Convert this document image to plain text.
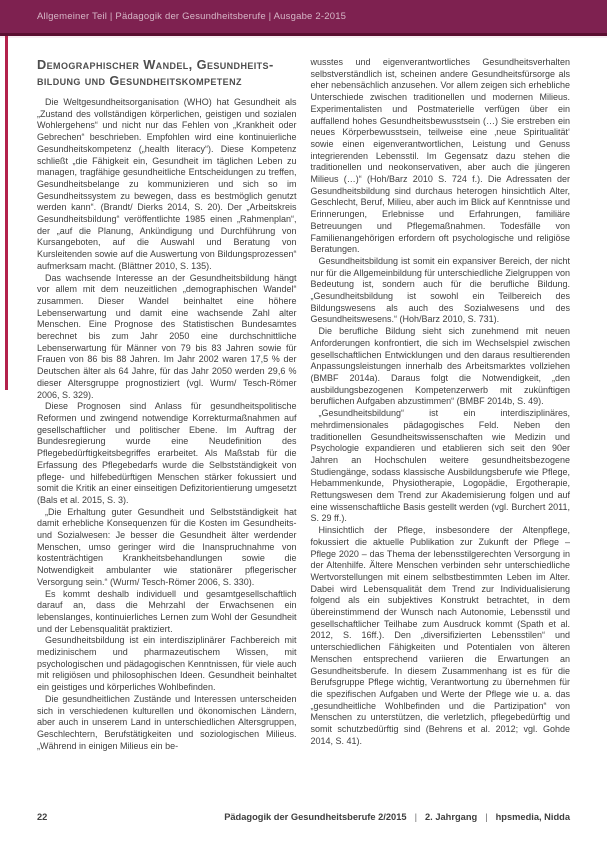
Allgemeiner Teil | Pädagogik der Gesundheitsberufe | Ausgabe 2-2015
Demographischer Wandel, Gesundheits-
bildung und Gesundheitskompetenz

Die Weltgesundheitsorganisation (WHO) hat Gesundheit als „Zustand des vollständigen körperlichen, geistigen und sozialen Wohlergehens“ und nicht nur das Fehlen von „Krankheit oder Gebrechen“ beschrieben. Empfohlen wird eine kontinuierliche Gesundheitskompetenz („health literacy“). Diese Kompetenz schließt „die Fähigkeit ein, Gesundheit im täglichen Leben zu managen, tragfähige gesundheitliche Entscheidungen zu treffen, Gesundheitsbelange zu kommunizieren und sich so im Gesundheitssystem zu bewegen, dass es bestmöglich genutzt werden kann“. (Brandt/ Dierks 2014, S. 20). Der „Arbeitskreis Gesundheitsbildung“ veröffentlichte 1985 einen „Rahmenplan“, der „auf die Planung, Ankündigung und Durchführung von Kursangeboten, auf die Auswahl und Beratung von Kursleitenden sowie auf die Auswertung von Bildungsprozessen“ aufmerksam macht. (Blättner 2010, S. 135).

Das wachsende Interesse an der Gesundheitsbildung hängt vor allem mit dem neuzeitlichen „demographischen Wandel“ zusammen. Dieser Wandel beinhaltet eine höhere Lebenserwartung und damit eine wachsende Zahl alter Menschen. Eine Prognose des Statistischen Bundesamtes berechnet bis zum Jahr 2050 eine durchschnittliche Lebenserwartung für Männer von 79 bis 83 Jahren sowie für Frauen von 86 bis 88 Jahren. Im Jahr 2002 waren 17,5 % der Deutschen älter als 64 Jahre, für das Jahr 2050 werden 29,6 % dieser Altersgruppe prognostiziert (vgl. Wurm/ Tesch-Römer 2006, S. 329).

Diese Prognosen sind Anlass für gesundheitspolitische Reformen und zwingend notwendige Korrekturmaßnahmen auf gesellschaftlicher und politischer Ebene. Im Auftrag der Bundesregierung wurde eine Neudefinition des Pflegebedürftigkeitsbegriffes erarbeitet. Als Maßstab für die Erfassung des Pflegebedarfs wurde die Selbstständigkeit von pflege- und hilfebedürftigen Menschen stärker fokussiert und somit die Kritik an einer einseitigen Defizitorientierung umgesetzt (Bals et al. 2015, S. 3).

„Die Erhaltung guter Gesundheit und Selbstständigkeit hat damit erhebliche Konsequenzen für die Kosten im Gesundheits- und Sozialwesen: Je besser die Gesundheit älter werdender Menschen, umso geringer wird die Inanspruchnahme von kostenträchtigen Krankheitsbehandlungen sowie die Notwendigkeit ambulanter wie stationärer pflegerischer Versorgung sein.“ (Wurm/ Tesch-Römer 2006, S. 330).

Es kommt deshalb individuell und gesamtgesellschaftlich darauf an, dass die Mehrzahl der Erwachsenen ein lebenslanges, kontinuierliches Lernen zum Wohl der Gesundheit und der Lebensqualität praktiziert.

Gesundheitsbildung ist ein interdisziplinärer Fachbereich mit medizinischem und pharmazeutischem Wissen, mit psychologischen und pädagogischen Kenntnissen, für viele auch mit religiösen und philosophischen Ideen. Gesundheit beinhaltet ein geistiges und körperliches Wohlbefinden.

Die gesundheitlichen Zustände und Interessen unterscheiden sich in verschiedenen kulturellen und ökonomischen Ländern, aber auch in unserem Land in unterschiedlichen Altersgruppen, Geschlechtern, Berufstätigkeiten und soziologischen Milieus. „Während in einigen Milieus ein be-

wusstes und eigenverantwortliches Gesundheitsverhalten selbstverständlich ist, scheinen andere Gesundheitsfürsorge als eher nebensächlich anzusehen. Vor allem zeigen sich erhebliche Unterschiede zwischen traditionellen und modernen Milieus. Experimentalisten und Postmaterielle verfügen über ein auffallend hohes Gesundheitsbewusstsein (…) Sie erstreben ein neues Körperbewusstsein, teilweise eine ‚neue Spiritualität‘ sowie einen eigenverantwortlichen, Leistung und Genuss integrierenden Lebensstil. Im Gegensatz dazu stehen die traditionellen und neokonservativen, aber auch die jüngeren Milieus (…)“ (Hoh/Barz 2010 S. 724 f.). Die Adressaten der Gesundheitsbildung sind durchaus heterogen hinsichtlich Alter, Geschlecht, Beruf, Milieu, aber auch im Blick auf Kenntnisse und Erinnerungen, Erlebnisse und Erfahrungen, familiäre Betreuungen und Pflegemaßnahmen. Todesfälle von Familienangehörigen erfordern oft psychologische und religiöse Beratungen.

Gesundheitsbildung ist somit ein expansiver Bereich, der nicht nur für die Allgemeinbildung für unterschiedliche Zielgruppen von Bedeutung ist, sondern auch für die berufliche Bildung. „Gesundheitsbildung ist sowohl ein Teilbereich des Bildungswesens als auch des Sozialwesens und des Gesundheitswesens.“ (Hoh/Barz 2010, S. 731).

Die berufliche Bildung sieht sich zunehmend mit neuen Anforderungen konfrontiert, die sich im Wechselspiel zwischen gesellschaftlichen Entwicklungen und den daraus resultierenden Anpassungsleistungen innerhalb des Arbeitsmarktes vollziehen (BMBF 2014a). Daraus folgt die Notwendigkeit, „den ausbildungsbezogenen Kompetenzerwerb mit zukünftigen beruflichen Aufgaben abzustimmen“ (BMBF 2014b, S. 49).

„Gesundheitsbildung“ ist ein interdisziplinäres, mehrdimensionales pädagogisches Feld. Neben den traditionellen Gesundheitswissenschaften wie Medizin und Psychologie expandieren und etablieren sich seit den 90er Jahren an Hochschulen weitere gesundheitsbezogene Studiengänge, sodass klassische Ausbildungsberufe wie Pflege, Hebammenkunde, Physiotherapie, Logopädie, Ergotherapie, Rettungswesen dem Trend zur Akademisierung folgen und auf eine wissenschaftliche Basis gestellt werden (vgl. Burchert 2011, S. 29 ff.).

Hinsichtlich der Pflege, insbesondere der Altenpflege, fokussiert die aktuelle Publikation zur Zukunft der Pflege – Pflege 2020 – das Thema der lebensstilgerechten Versorgung in der Altenhilfe. Ältere Menschen verbinden sehr unterschiedliche Wertvorstellungen mit einem selbstbestimmten Leben im Alter. Dabei wird Lebensqualität dem Trend zur Individualisierung folgend als ein subjektives Konstrukt betrachtet, in dem übereinstimmend der Wunsch nach Autonomie, Lebensstil und gesellschaftlicher Teilhabe zum Ausdruck kommt (Spath et al. 2012, S. 16ff.). Den „diversifizierten Lebensstilen“ und unterschiedlichen Fähigkeiten und Potentialen von älteren Menschen entsprechend variieren die Erwartungen an Gesundheitsberufe. In diesem Zusammenhang ist es für die Berufsgruppe Pflege wichtig, Verantwortung zu übernehmen für die spezifischen Aufgaben und Werte der Pflege wie u. a. das „gesundheitliche Wohlbefinden und die Partizipation“ von Menschen zu unterstützen, die verletzlich, pflegebedürftig und somit schutzbedürftig sind (Behrens et al. 2012; vgl. Gohde 2014, S. 41).

22	Pädagogik der Gesundheitsberufe 2/2015 | 2. Jahrgang | hpsmedia, Nidda
